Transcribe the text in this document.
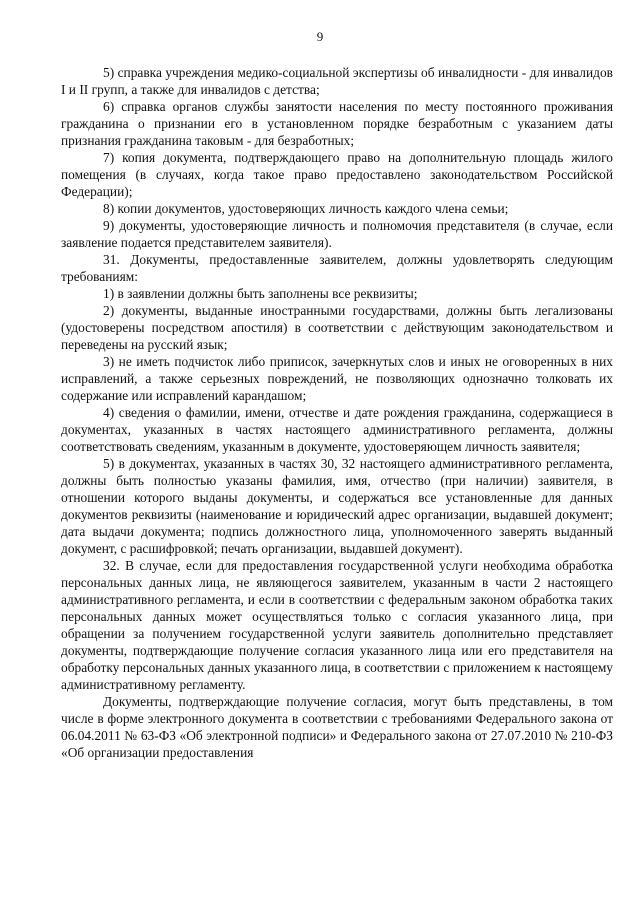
9

5) справка учреждения медико-социальной экспертизы об инвалидности - для инвалидов I и II групп, а также для инвалидов с детства;

6) справка органов службы занятости населения по месту постоянного проживания гражданина о признании его в установленном порядке безработным с указанием даты признания гражданина таковым - для безработных;

7) копия документа, подтверждающего право на дополнительную площадь жилого помещения (в случаях, когда такое право предоставлено законодательством Российской Федерации);

8) копии документов, удостоверяющих личность каждого члена семьи;

9) документы, удостоверяющие личность и полномочия представителя (в случае, если заявление подается представителем заявителя).

31. Документы, предоставленные заявителем, должны удовлетворять следующим требованиям:

1) в заявлении должны быть заполнены все реквизиты;

2) документы, выданные иностранными государствами, должны быть легализованы (удостоверены посредством апостиля) в соответствии с действующим законодательством и переведены на русский язык;

3) не иметь подчисток либо приписок, зачеркнутых слов и иных не оговоренных в них исправлений, а также серьезных повреждений, не позволяющих однозначно толковать их содержание или исправлений карандашом;

4) сведения о фамилии, имени, отчестве и дате рождения гражданина, содержащиеся в документах, указанных в частях настоящего административного регламента, должны соответствовать сведениям, указанным в документе, удостоверяющем личность заявителя;

5) в документах, указанных в частях 30, 32 настоящего административного регламента, должны быть полностью указаны фамилия, имя, отчество (при наличии) заявителя, в отношении которого выданы документы, и содержаться все установленные для данных документов реквизиты (наименование и юридический адрес организации, выдавшей документ; дата выдачи документа; подпись должностного лица, уполномоченного заверять выданный документ, с расшифровкой; печать организации, выдавшей документ).

32. В случае, если для предоставления государственной услуги необходима обработка персональных данных лица, не являющегося заявителем, указанным в части 2 настоящего административного регламента, и если в соответствии с федеральным законом обработка таких персональных данных может осуществляться только с согласия указанного лица, при обращении за получением государственной услуги заявитель дополнительно представляет документы, подтверждающие получение согласия указанного лица или его представителя на обработку персональных данных указанного лица, в соответствии с приложением к настоящему административному регламенту.

Документы, подтверждающие получение согласия, могут быть представлены, в том числе в форме электронного документа в соответствии с требованиями Федерального закона от 06.04.2011 № 63-ФЗ «Об электронной подписи» и Федерального закона от 27.07.2010 № 210-ФЗ «Об организации предоставления
